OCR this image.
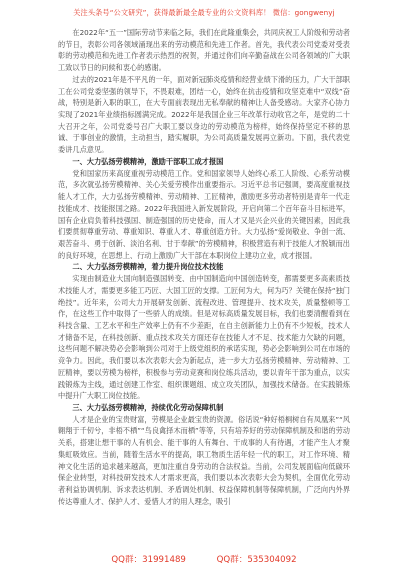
关注头条号“公文研究”，获得最新最全最专业的公文资料库！ 微信：gongwenyj

在2022年“五一”国际劳动节来临之际，我们在此隆重集会，共同庆祝工人阶级和劳动者的节日，表彰公司各领域涌现出来的劳动模范和先进工作者。首先，我代表公司党委对受表彰的劳动模范和先进工作者表示热烈的祝贺，并通过你们向辛勤奋战在公司各领域的广大职工致以节日的问候和衷心的感谢。

过去的2021年是不平凡的一年，面对新冠肺炎疫情和经营业绩下滑的压力，广大干部职工在公司党委坚强的领导下，不畏艰难，团结一心，始终在抗击疫情和攻坚克难中“双线”奋战，特别是新入职的职工，在大专面前表现出无私奉献的精神让人备受感动。大家齐心协力实现了2021年业绩指标圆满完成。2022年是我国企业三年改革行动收官之年，是党的二十大召开之年，公司党委号召广大职工要以身边的劳动模范为榜样，始终保持坚定不移的思诚、于事创业的激情，主动担当，踏实履职，为公司高质量发展再立新功。下面，我代表党委讲几点意见。

一、大力弘扬劳模精神，激励干部职工成才报国

党和国家历来高度重视劳动模范工作。党和国家领导人始终心系工人阶级、心系劳动模范，多次就弘扬劳模精神、关心关爱劳模作出重要指示。习近平总书记强调，要高度重视技能人才工作，大力弘扬劳模精神、劳动精神、工匠精神，激励更多劳动者特别是青年一代走技能成才、技能报国之路。2022年我国进入新发展阶段，开启向第二个百年奋斗目标进军，国有企业肩负着科技强国、制造强国的历史使命，而人才又是兴企兴业的关键因素，因此我们要贯彻尊重劳动、尊重知识、尊重人才、尊重创造方针。大力弘扬“爱岗敬业、争创一流、艰苦奋斗、勇于创新、淡泊名利、甘于奉献”的劳模精神，积极营造有利于技能人才脱颖而出的良好环境，在思想上、行动上激励广大干部在本职岗位上建功立业，成才报国。

二、大力弘扬劳模精神，着力提升岗位技术技能

实现由制造业大国向制造强国转变、由中国制造向中国创造转变，都需要更多高素质技术技能人才，需要更多能工巧匠、大国工匠的支撑。工匠何为大，何为巧？关键在保持“独门绝技”。近年来，公司大力开展研发创新、流程改进、管理提升、技术攻关，质量整顿等工作，在这些工作中取得了一些骄人的成绩。但是对标高质量发展目标，我们也要清醒看到在科技含量、工艺水平和生产效率上仍有不少差距，在自主创新能力上仍有不少短板，技术人才储备不足，在科技创新、重点技术攻关方面还存在技能人才不足、技术能力欠缺的问题，这些问题不解决势必会影响到公司对于上级党组织的承诺实现，势必会影响到公司在市场的竞争力。因此，我们要以本次表彰大会为新起点，进一步大力弘扬劳模精神、劳动精神、工匠精神，要以劳模为榜样，积极参与劳动竞赛和岗位练兵活动，要以青年干部为重点，以实践锻炼为主线，通过创建工作室、组织课题组、成立攻关团队，加强技术储备。在实践锻炼中提升广大职工岗位技能。

三、大力弘扬劳模精神，持续优化劳动保障机制

人才是企业的宝贵财富，劳模是企业最宝贵的资源。俗话说“种好梧桐树自有凤凰来”“风翱翔于千仞兮，非梧不栖”“鸟良禽择木而栖”等等，只有培养好的劳动保障机制及和谐的劳动关系，搭建让想干事的人有机会、能干事的人有舞台、干成事的人有待遇，才能产生人才聚集虹吸效应。当前，随着生活水平的提高，职工物质生活年轻一代的职工，对工作环境、精神文化生活的追求越来越高，更加注重自身劳动的合法权益。当前，公司发展面临向低碳环保企业转型，对科技研发技术人才需求更高，我们要以本次表彰大会为契机，全面优化劳动者利益协调机制、诉求表达机制、矛盾调处机制、权益保障机制等保障机制，广泛向内外界传达尊重人才、保护人才、爱惜人才的用人理念，吸引

QQ群：31991489	QQ群：535304092
